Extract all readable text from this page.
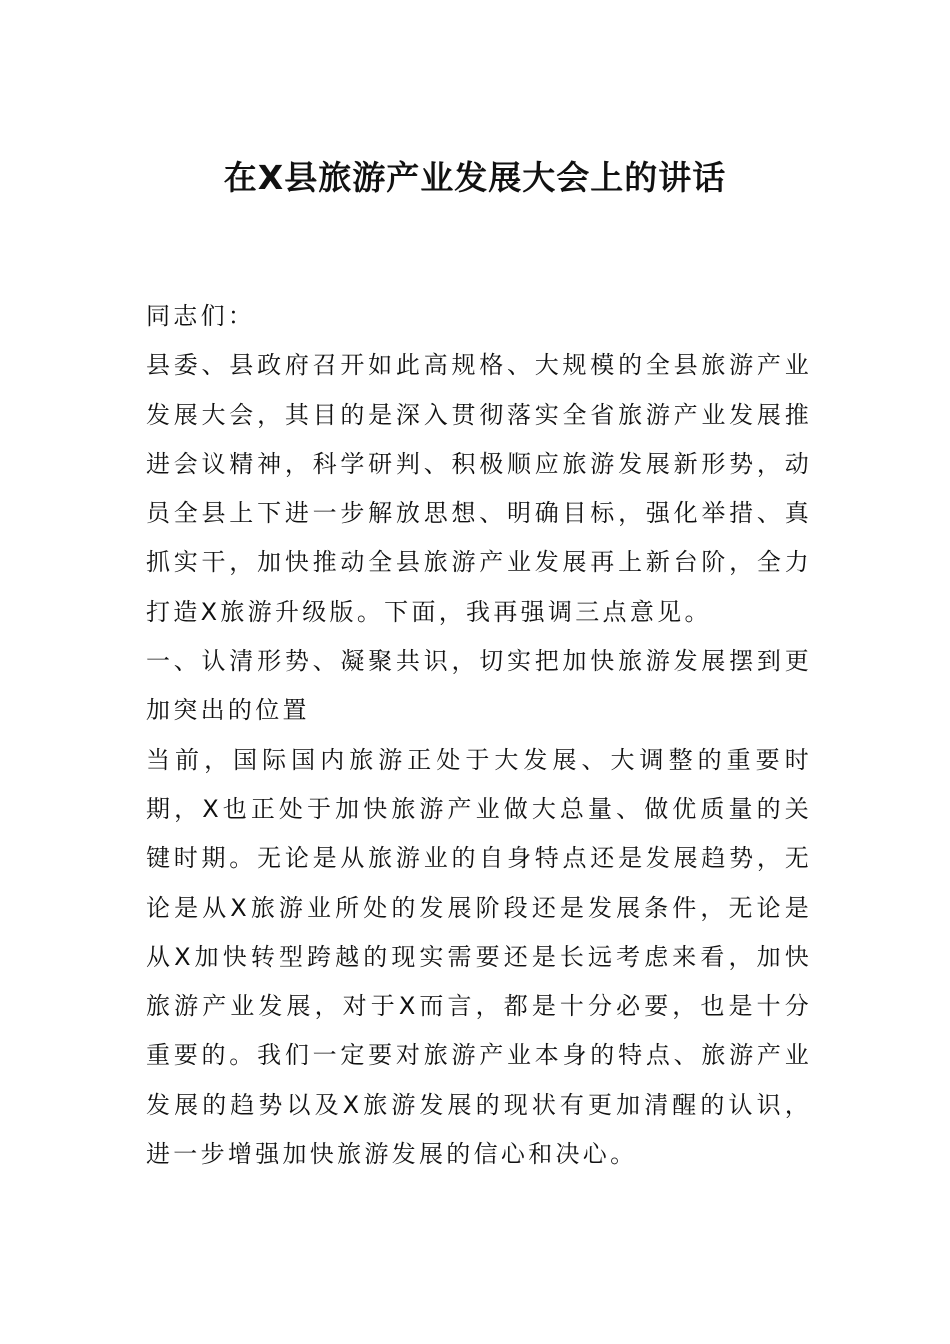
在X县旅游产业发展大会上的讲话

同志们：

县委、县政府召开如此高规格、大规模的全县旅游产业发展大会，其目的是深入贯彻落实全省旅游产业发展推进会议精神，科学研判、积极顺应旅游发展新形势，动员全县上下进一步解放思想、明确目标，强化举措、真抓实干，加快推动全县旅游产业发展再上新台阶，全力打造X旅游升级版。下面，我再强调三点意见。

一、认清形势、凝聚共识，切实把加快旅游发展摆到更加突出的位置

当前，国际国内旅游正处于大发展、大调整的重要时期，X也正处于加快旅游产业做大总量、做优质量的关键时期。无论是从旅游业的自身特点还是发展趋势，无论是从X旅游业所处的发展阶段还是发展条件，无论是从X加快转型跨越的现实需要还是长远考虑来看，加快旅游产业发展，对于X而言，都是十分必要，也是十分重要的。我们一定要对旅游产业本身的特点、旅游产业发展的趋势以及X旅游发展的现状有更加清醒的认识，进一步增强加快旅游发展的信心和决心。
